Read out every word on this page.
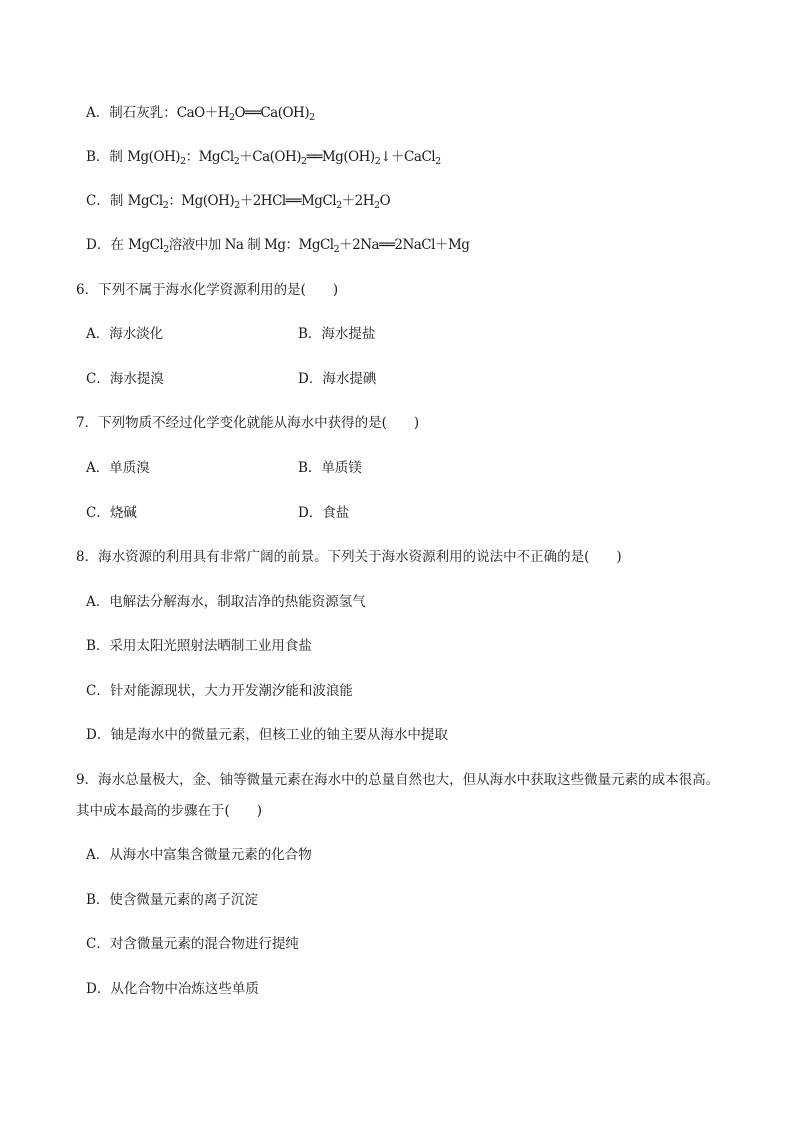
A．制石灰乳：$CaO+H_2O══Ca(OH)_2$
B．制 $Mg(OH)_2$：$MgCl_2+Ca(OH)_2══Mg(OH)_2↓+CaCl_2$
C．制 MgCl$_2$：$Mg(OH)_2+2HCl══MgCl_2+2H_2O$
D．在 MgCl$_2$溶液中加 Na 制 Mg：MgCl$_2$＋2Na══2NaCl＋Mg
6．下列不属于海水化学资源利用的是(　　)
A．海水淡化	B．海水提盐
C．海水提溴	D．海水提碘
7．下列物质不经过化学变化就能从海水中获得的是(　　)
A．单质溴	B．单质镁
C．烧碱	D．食盐
8．海水资源的利用具有非常广阔的前景。下列关于海水资源利用的说法中不正确的是(　　)
A．电解法分解海水，制取洁净的热能资源氢气
B．采用太阳光照射法晒制工业用食盐
C．针对能源现状，大力开发潮汐能和波浪能
D．铀是海水中的微量元素，但核工业的铀主要从海水中提取
9．海水总量极大，金、铀等微量元素在海水中的总量自然也大，但从海水中获取这些微量元素的成本很高。
其中成本最高的步骤在于(　　)
A．从海水中富集含微量元素的化合物
B．使含微量元素的离子沉淀
C．对含微量元素的混合物进行提纯
D．从化合物中冶炼这些单质
